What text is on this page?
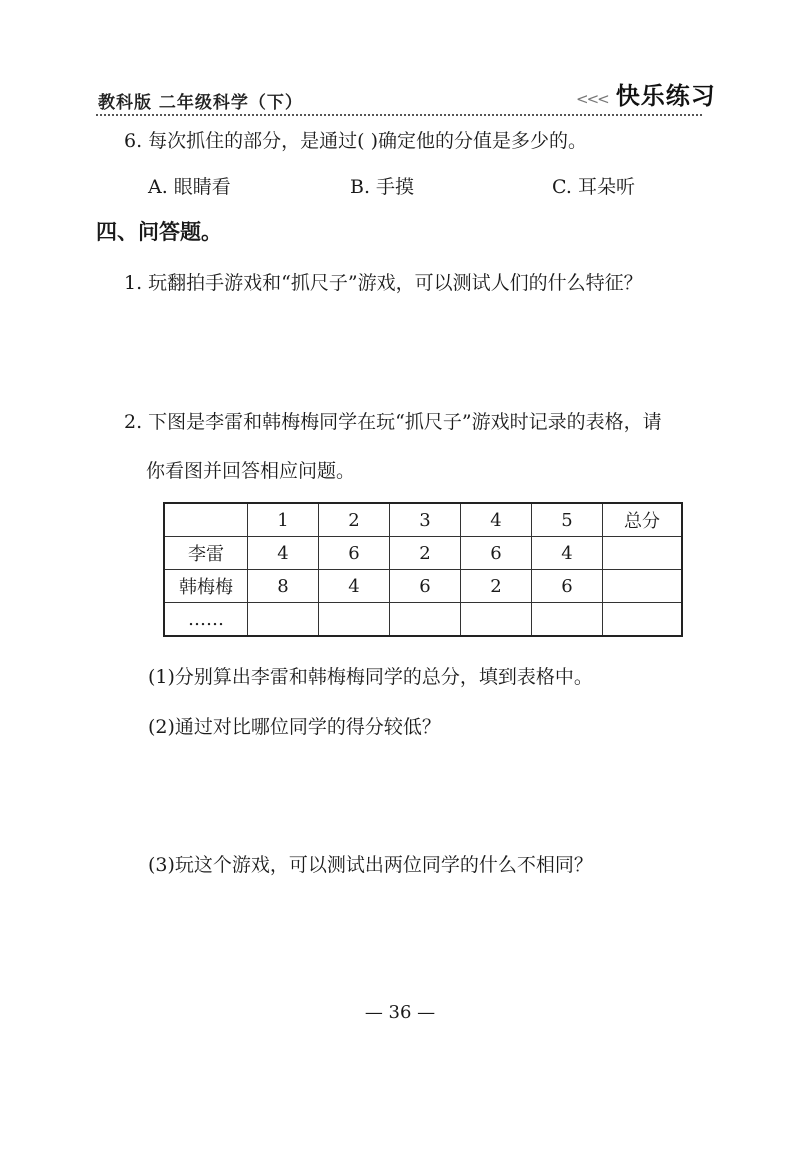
教科版 二年级科学（下）	<<< 快乐练习
6. 每次抓住的部分，是通过( )确定他的分值是多少的。
A. 眼睛看	B. 手摸	C. 耳朵听
四、问答题。
1. 玩翻拍手游戏和“抓尺子”游戏，可以测试人们的什么特征？
2. 下图是李雷和韩梅梅同学在玩“抓尺子”游戏时记录的表格，请
你看图并回答相应问题。
	1	2	3	4	5	总分
李雷	4	6	2	6	4	
韩梅梅	8	4	6	2	6	
……						
(1)分别算出李雷和韩梅梅同学的总分，填到表格中。
(2)通过对比哪位同学的得分较低？
(3)玩这个游戏，可以测试出两位同学的什么不相同？
— 36 —
